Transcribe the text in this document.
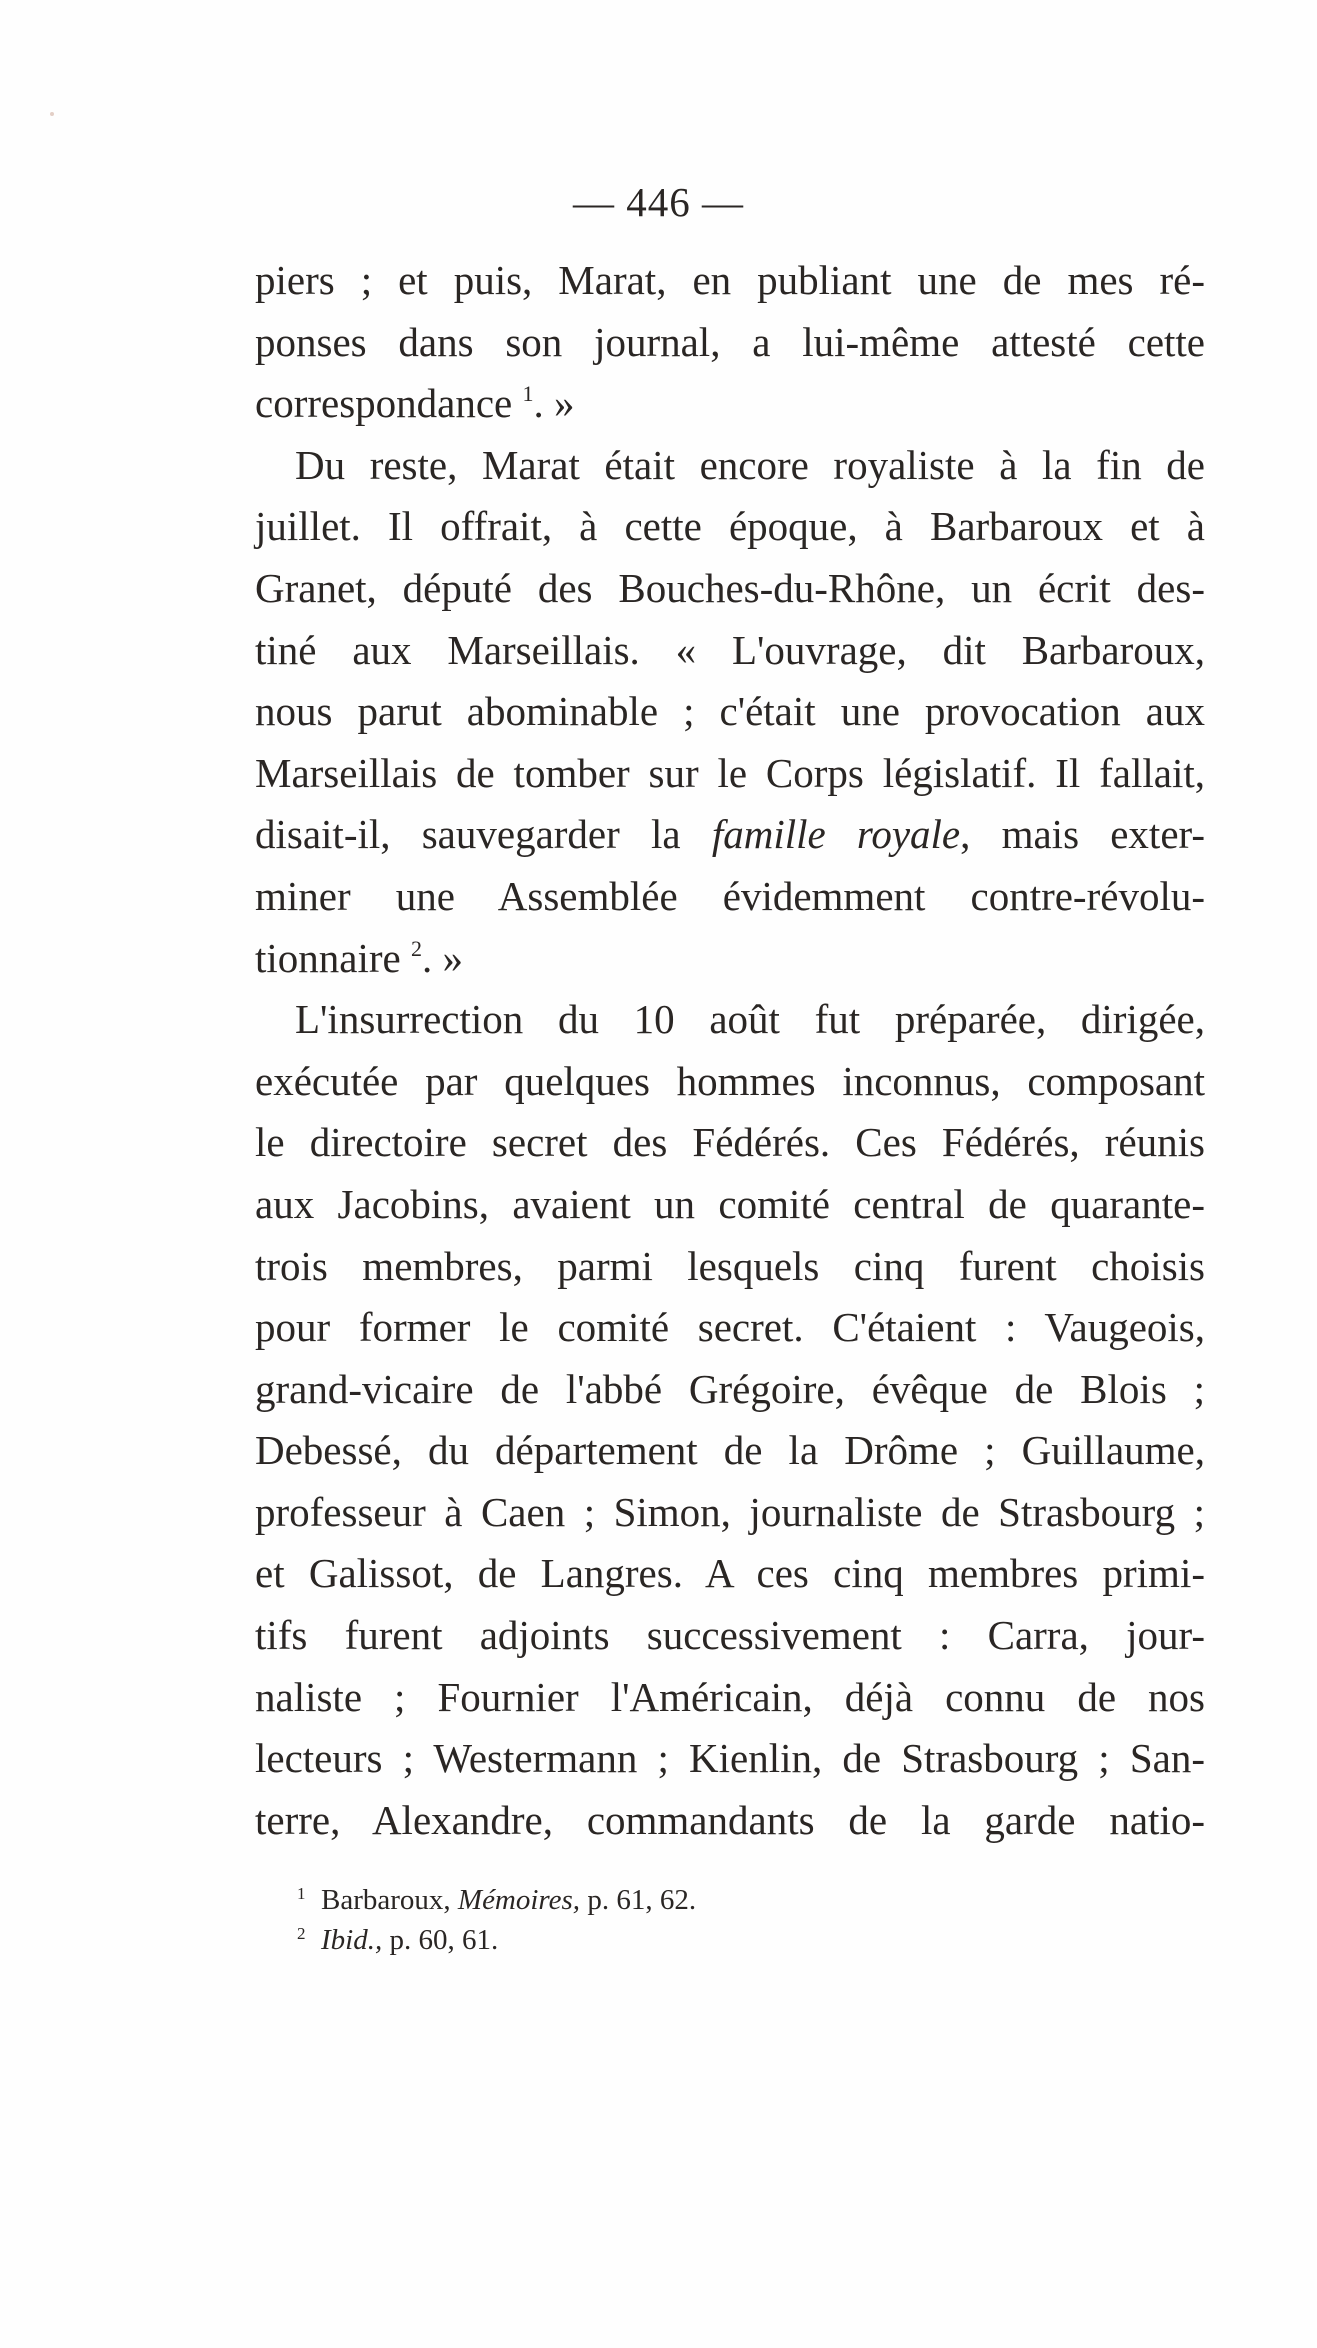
— 446 —
piers ; et puis, Marat, en publiant une de mes ré-
ponses dans son journal, a lui-même attesté cette
correspondance $^1$. »
Du reste, Marat était encore royaliste à la fin de
juillet. Il offrait, à cette époque, à Barbaroux et à
Granet, député des Bouches-du-Rhône, un écrit des-
tiné aux Marseillais. « L'ouvrage, dit Barbaroux,
nous parut abominable ; c'était une provocation aux
Marseillais de tomber sur le Corps législatif. Il fallait,
disait-il, sauvegarder la famille royale, mais exter-
miner une Assemblée évidemment contre-révolu-
tionnaire $^2$. »
L'insurrection du 10 août fut préparée, dirigée,
exécutée par quelques hommes inconnus, composant
le directoire secret des Fédérés. Ces Fédérés, réunis
aux Jacobins, avaient un comité central de quarante-
trois membres, parmi lesquels cinq furent choisis
pour former le comité secret. C'étaient : Vaugeois,
grand-vicaire de l'abbé Grégoire, évêque de Blois ;
Debessé, du département de la Drôme ; Guillaume,
professeur à Caen ; Simon, journaliste de Strasbourg ;
et Galissot, de Langres. A ces cinq membres primi-
tifs furent adjoints successivement : Carra, jour-
naliste ; Fournier l'Américain, déjà connu de nos
lecteurs ; Westermann ; Kienlin, de Strasbourg ; San-
terre, Alexandre, commandants de la garde natio-
$^1$ Barbaroux, Mémoires, p. 61, 62.
$^2$ Ibid., p. 60, 61.
